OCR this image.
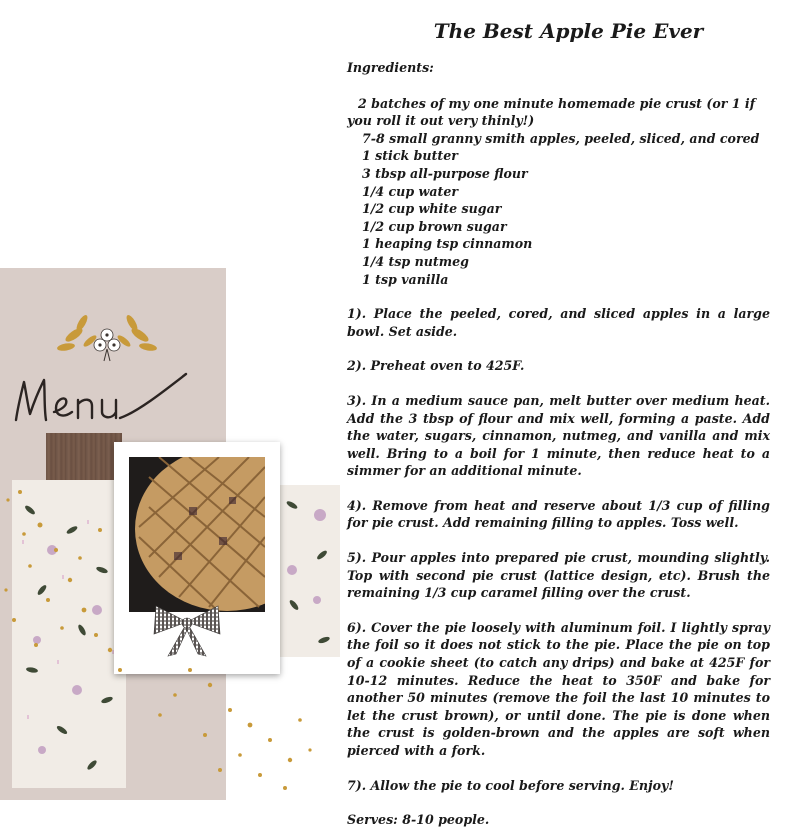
The Best Apple Pie Ever

Ingredients:

2 batches of my one minute homemade pie crust (or 1 if you roll it out very thinly!)

7-8 small granny smith apples, peeled, sliced, and cored
1 stick butter
3 tbsp all-purpose flour
1/4 cup water
1/2 cup white sugar
1/2 cup brown sugar
1 heaping tsp cinnamon
1/4 tsp nutmeg
1 tsp vanilla

1). Place the peeled, cored, and sliced apples in a large bowl. Set aside.

2). Preheat oven to 425F.

3). In a medium sauce pan, melt butter over medium heat. Add the 3 tbsp of flour and mix well, forming a paste. Add the water, sugars, cinnamon, nutmeg, and vanilla and mix well. Bring to a boil for 1 minute, then reduce heat to a simmer for an additional minute.

4). Remove from heat and reserve about 1/3 cup of filling for pie crust. Add remaining filling to apples. Toss well.

5). Pour apples into prepared pie crust, mounding slightly. Top with second pie crust (lattice design, etc). Brush the remaining 1/3 cup caramel filling over the crust.

6). Cover the pie loosely with aluminum foil. I lightly spray the foil so it does not stick to the pie. Place the pie on top of a cookie sheet (to catch any drips) and bake at 425F for 10-12 minutes. Reduce the heat to 350F and bake for another 50 minutes (remove the foil the last 10 minutes to let the crust brown), or until done. The pie is done when the crust is golden-brown and the apples are soft when pierced with a fork.

7). Allow the pie to cool before serving. Enjoy!

Serves: 8-10 people.
